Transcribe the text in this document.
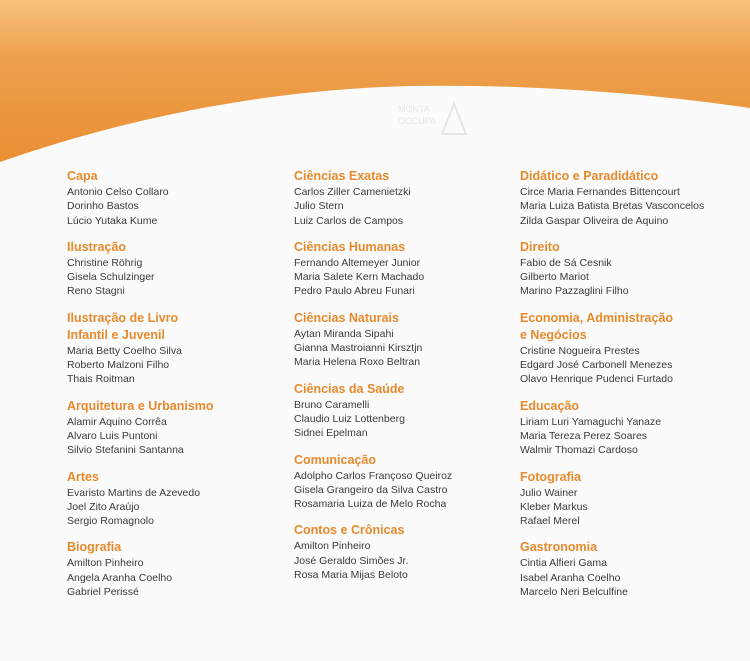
MONTA
OCCUPA

Capa

Antonio Celso Collaro

Dorinho Bastos

Lúcio Yutaka Kume

Ilustração

Christine Röhrig

Gisela Schulzinger

Reno Stagni

Ilustração de Livro

Infantil e Juvenil

Maria Betty Coelho Silva

Roberto Malzoni Filho

Thais Roitman

Arquitetura e Urbanismo

Alamir Aquino Corrêa

Alvaro Luis Puntoni

Silvio Stefanini Santanna

Artes

Evaristo Martins de Azevedo

Joel Zito Araújo

Sergio Romagnolo

Biografia

Amilton Pinheiro

Angela Aranha Coelho

Gabriel Perissé

Ciências Exatas

Carlos Ziller Camenietzki

Julio Stern

Luiz Carlos de Campos

Ciências Humanas

Fernando Altemeyer Junior

Maria Salete Kern Machado

Pedro Paulo Abreu Funari

Ciências Naturais

Aytan Miranda Sipahi

Gianna Mastroianni Kirsztjn

Maria Helena Roxo Beltran

Ciências da Saúde

Bruno Caramelli

Claudio Luiz Lottenberg

Sidnei Epelman

Comunicação

Adolpho Carlos Françoso Queiroz

Gisela Grangeiro da Silva Castro

Rosamaria Luiza de Melo Rocha

Contos e Crônicas

Amilton Pinheiro

José Geraldo Simões Jr.

Rosa Maria Mijas Beloto

Didático e Paradidático

Circe Maria Fernandes Bittencourt

Maria Luiza Batista Bretas Vasconcelos

Zilda Gaspar Oliveira de Aquino

Direito

Fabio de Sá Cesnik

Gilberto Mariot

Marino Pazzaglini Filho

Economia, Administração

e Negócios

Cristine Nogueira Prestes

Edgard José Carbonell Menezes

Olavo Henrique Pudenci Furtado

Educação

Liriam Luri Yamaguchi Yanaze

Maria Tereza Perez Soares

Walmir Thomazi Cardoso

Fotografia

Julio Wainer

Kleber Markus

Rafael Merel

Gastronomia

Cintia Alfieri Gama

Isabel Aranha Coelho

Marcelo Neri Belculfine
